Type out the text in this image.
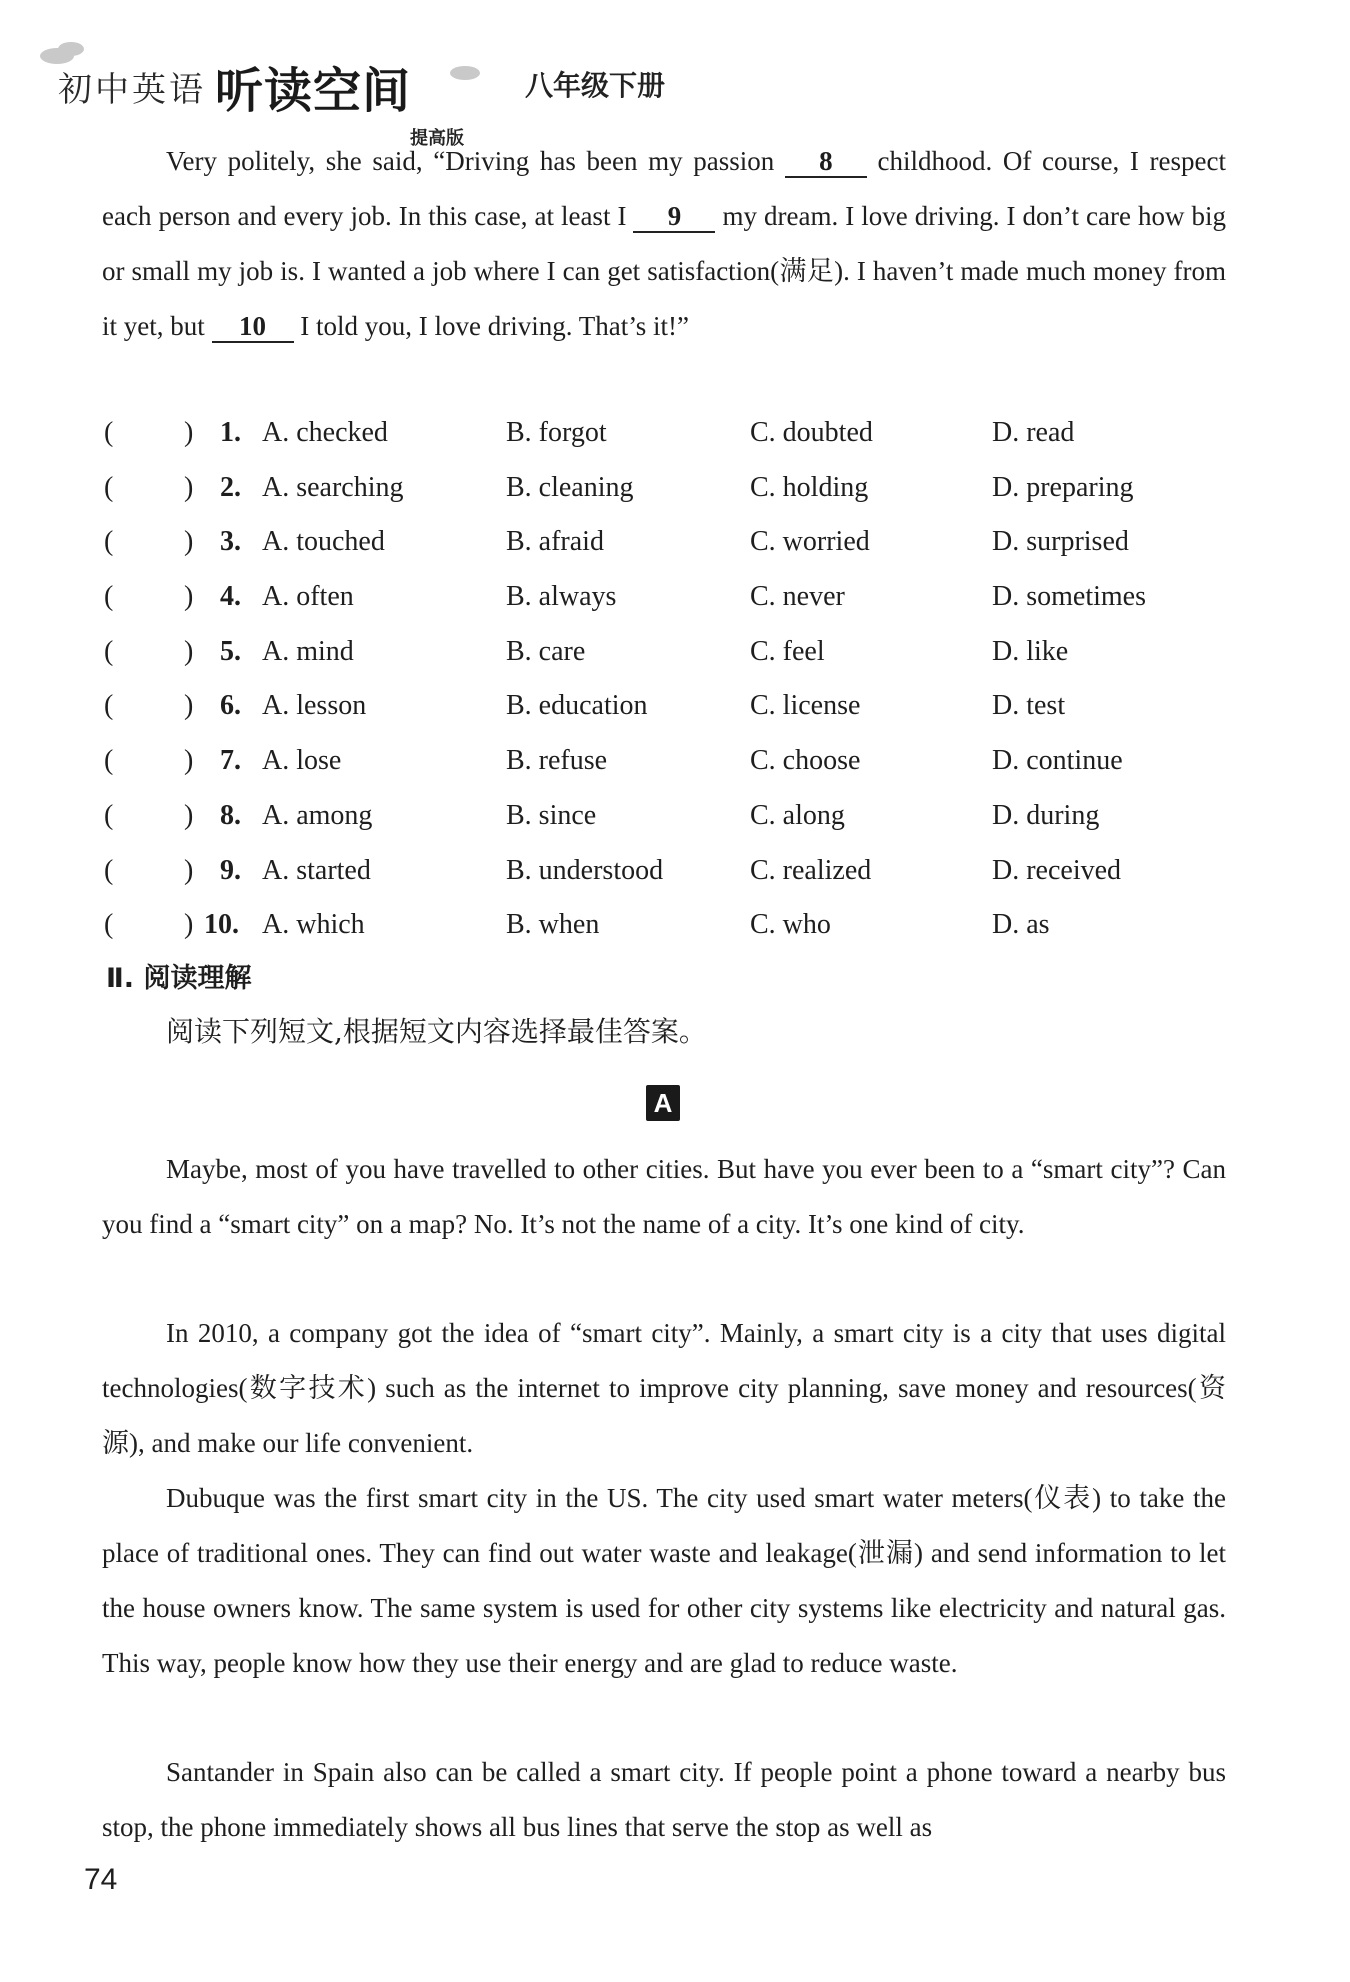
初中英语 听读空间
提高版
八年级下册

Very politely, she said, “Driving has been my passion 8 childhood. Of course, I respect each person and every job. In this case, at least I 9 my dream. I love driving. I don’t care how big or small my job is. I wanted a job where I can get satisfaction(满足). I haven’t made much money from it yet, but 10 I told you, I love driving. That’s it!”

(	) 1. A. checked	B. forgot	C. doubted	D. read
(	) 2. A. searching	B. cleaning	C. holding	D. preparing
(	) 3. A. touched	B. afraid	C. worried	D. surprised
(	) 4. A. often	B. always	C. never	D. sometimes
(	) 5. A. mind	B. care	C. feel	D. like
(	) 6. A. lesson	B. education	C. license	D. test
(	) 7. A. lose	B. refuse	C. choose	D. continue
(	) 8. A. among	B. since	C. along	D. during
(	) 9. A. started	B. understood	C. realized	D. received
(	) 10. A. which	B. when	C. who	D. as
Ⅱ. 阅读理解
阅读下列短文,根据短文内容选择最佳答案。
A

Maybe, most of you have travelled to other cities. But have you ever been to a “smart city”? Can you find a “smart city” on a map? No. It’s not the name of a city. It’s one kind of city.

In 2010, a company got the idea of “smart city”. Mainly, a smart city is a city that uses digital technologies(数字技术) such as the internet to improve city planning, save money and resources(资源), and make our life convenient.

Dubuque was the first smart city in the US. The city used smart water meters(仪表) to take the place of traditional ones. They can find out water waste and leakage(泄漏) and send information to let the house owners know. The same system is used for other city systems like electricity and natural gas. This way, people know how they use their energy and are glad to reduce waste.

Santander in Spain also can be called a smart city. If people point a phone toward a nearby bus stop, the phone immediately shows all bus lines that serve the stop as well as

74
